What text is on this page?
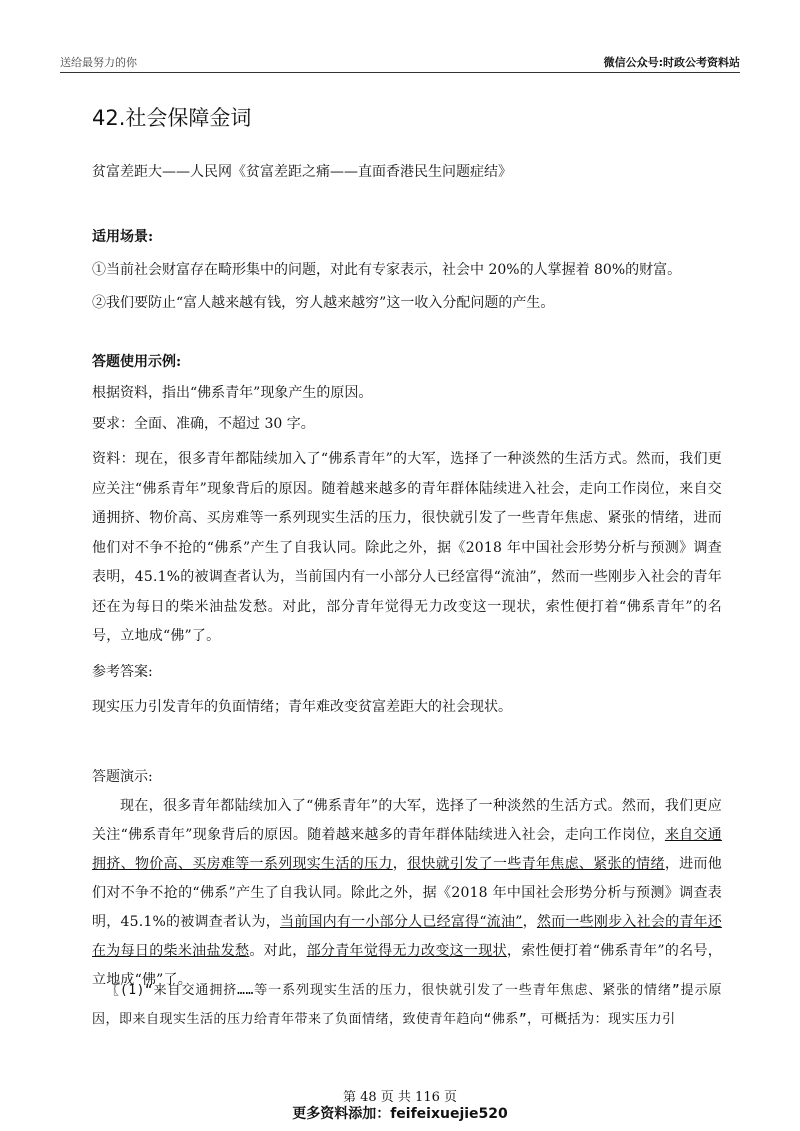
送给最努力的你	微信公众号:时政公考资料站
42.社会保障金词

贫富差距大——人民网《贫富差距之痛——直面香港民生问题症结》

适用场景:

①当前社会财富存在畸形集中的问题，对此有专家表示，社会中 20%的人掌握着 80%的财富。

②我们要防止“富人越来越有钱，穷人越来越穷”这一收入分配问题的产生。

答题使用示例:

根据资料，指出“佛系青年”现象产生的原因。

要求：全面、准确，不超过 30 字。

资料：现在，很多青年都陆续加入了“佛系青年”的大军，选择了一种淡然的生活方式。然而，我们更应关注“佛系青年”现象背后的原因。随着越来越多的青年群体陆续进入社会，走向工作岗位，来自交通拥挤、物价高、买房难等一系列现实生活的压力，很快就引发了一些青年焦虑、紧张的情绪，进而他们对不争不抢的“佛系”产生了自我认同。除此之外，据《2018 年中国社会形势分析与预测》调查表明，45.1%的被调查者认为，当前国内有一小部分人已经富得“流油”，然而一些刚步入社会的青年还在为每日的柴米油盐发愁。对此，部分青年觉得无力改变这一现状，索性便打着“佛系青年”的名号，立地成“佛”了。

参考答案:

现实压力引发青年的负面情绪；青年难改变贫富差距大的社会现状。

答题演示:

现在，很多青年都陆续加入了“佛系青年”的大军，选择了一种淡然的生活方式。然而，我们更应关注“佛系青年”现象背后的原因。随着越来越多的青年群体陆续进入社会，走向工作岗位，来自交通拥挤、物价高、买房难等一系列现实生活的压力，很快就引发了一些青年焦虑、紧张的情绪，进而他们对不争不抢的“佛系”产生了自我认同。除此之外，据《2018 年中国社会形势分析与预测》调查表明，45.1%的被调查者认为，当前国内有一小部分人已经富得“流油”，然而一些刚步入社会的青年还在为每日的柴米油盐发愁。对此，部分青年觉得无力改变这一现状，索性便打着“佛系青年”的名号，立地成“佛”了。

〖(1)“来自交通拥挤……等一系列现实生活的压力，很快就引发了一些青年焦虑、紧张的情绪”提示原因，即来自现实生活的压力给青年带来了负面情绪，致使青年趋向“佛系”，可概括为：现实压力引

第 48 页 共 116 页
更多资料添加：feifeixuejie520
